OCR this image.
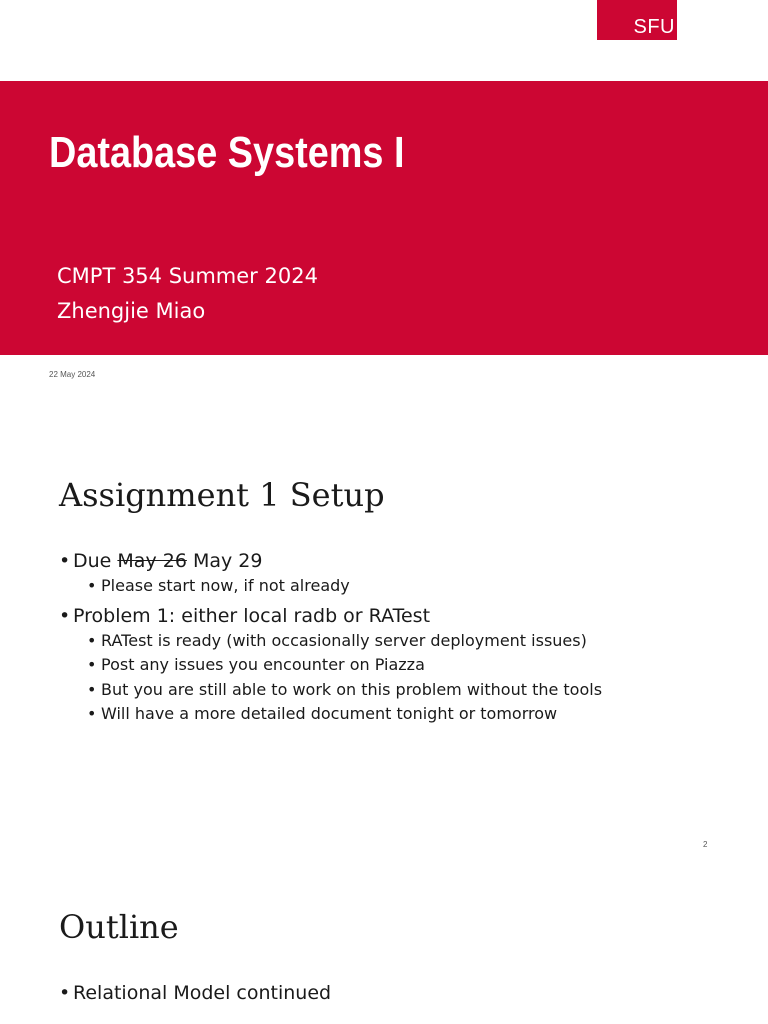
SFU
Database Systems I
CMPT 354 Summer 2024
Zhengjie Miao
22 May 2024
Assignment 1 Setup
• Due May 26 May 29
• Please start now, if not already
• Problem 1: either local radb or RATest
• RATest is ready (with occasionally server deployment issues)
• Post any issues you encounter on Piazza
• But you are still able to work on this problem without the tools
• Will have a more detailed document tonight or tomorrow
2
Outline
• Relational Model continued
